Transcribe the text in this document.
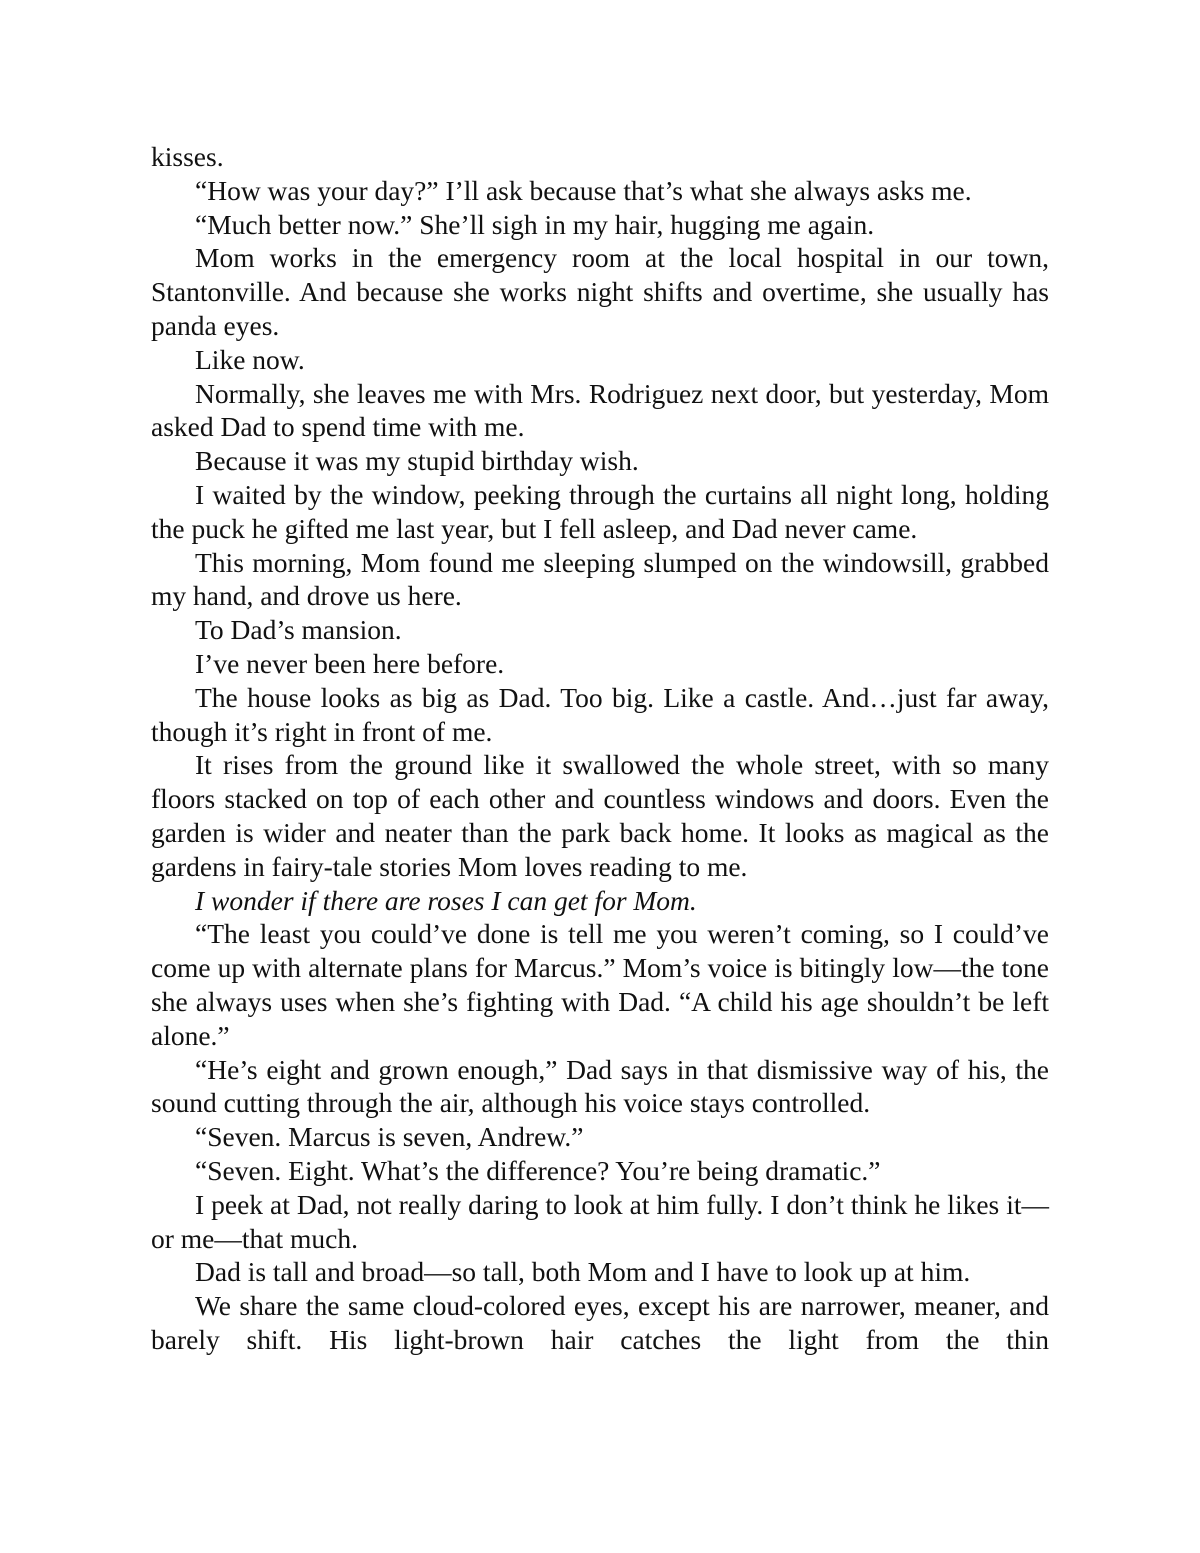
kisses.

“How was your day?” I’ll ask because that’s what she always asks me.

“Much better now.” She’ll sigh in my hair, hugging me again.

Mom works in the emergency room at the local hospital in our town, Stantonville. And because she works night shifts and overtime, she usually has panda eyes.

Like now.

Normally, she leaves me with Mrs. Rodriguez next door, but yesterday, Mom asked Dad to spend time with me.

Because it was my stupid birthday wish.

I waited by the window, peeking through the curtains all night long, holding the puck he gifted me last year, but I fell asleep, and Dad never came.

This morning, Mom found me sleeping slumped on the windowsill, grabbed my hand, and drove us here.

To Dad’s mansion.

I’ve never been here before.

The house looks as big as Dad. Too big. Like a castle. And…just far away, though it’s right in front of me.

It rises from the ground like it swallowed the whole street, with so many floors stacked on top of each other and countless windows and doors. Even the garden is wider and neater than the park back home. It looks as magical as the gardens in fairy-tale stories Mom loves reading to me.

I wonder if there are roses I can get for Mom.

“The least you could’ve done is tell me you weren’t coming, so I could’ve come up with alternate plans for Marcus.” Mom’s voice is bitingly low—the tone she always uses when she’s fighting with Dad. “A child his age shouldn’t be left alone.”

“He’s eight and grown enough,” Dad says in that dismissive way of his, the sound cutting through the air, although his voice stays controlled.

“Seven. Marcus is seven, Andrew.”

“Seven. Eight. What’s the difference? You’re being dramatic.”

I peek at Dad, not really daring to look at him fully. I don’t think he likes it—or me—that much.

Dad is tall and broad—so tall, both Mom and I have to look up at him.

We share the same cloud-colored eyes, except his are narrower, meaner, and barely shift. His light-brown hair catches the light from the thin
